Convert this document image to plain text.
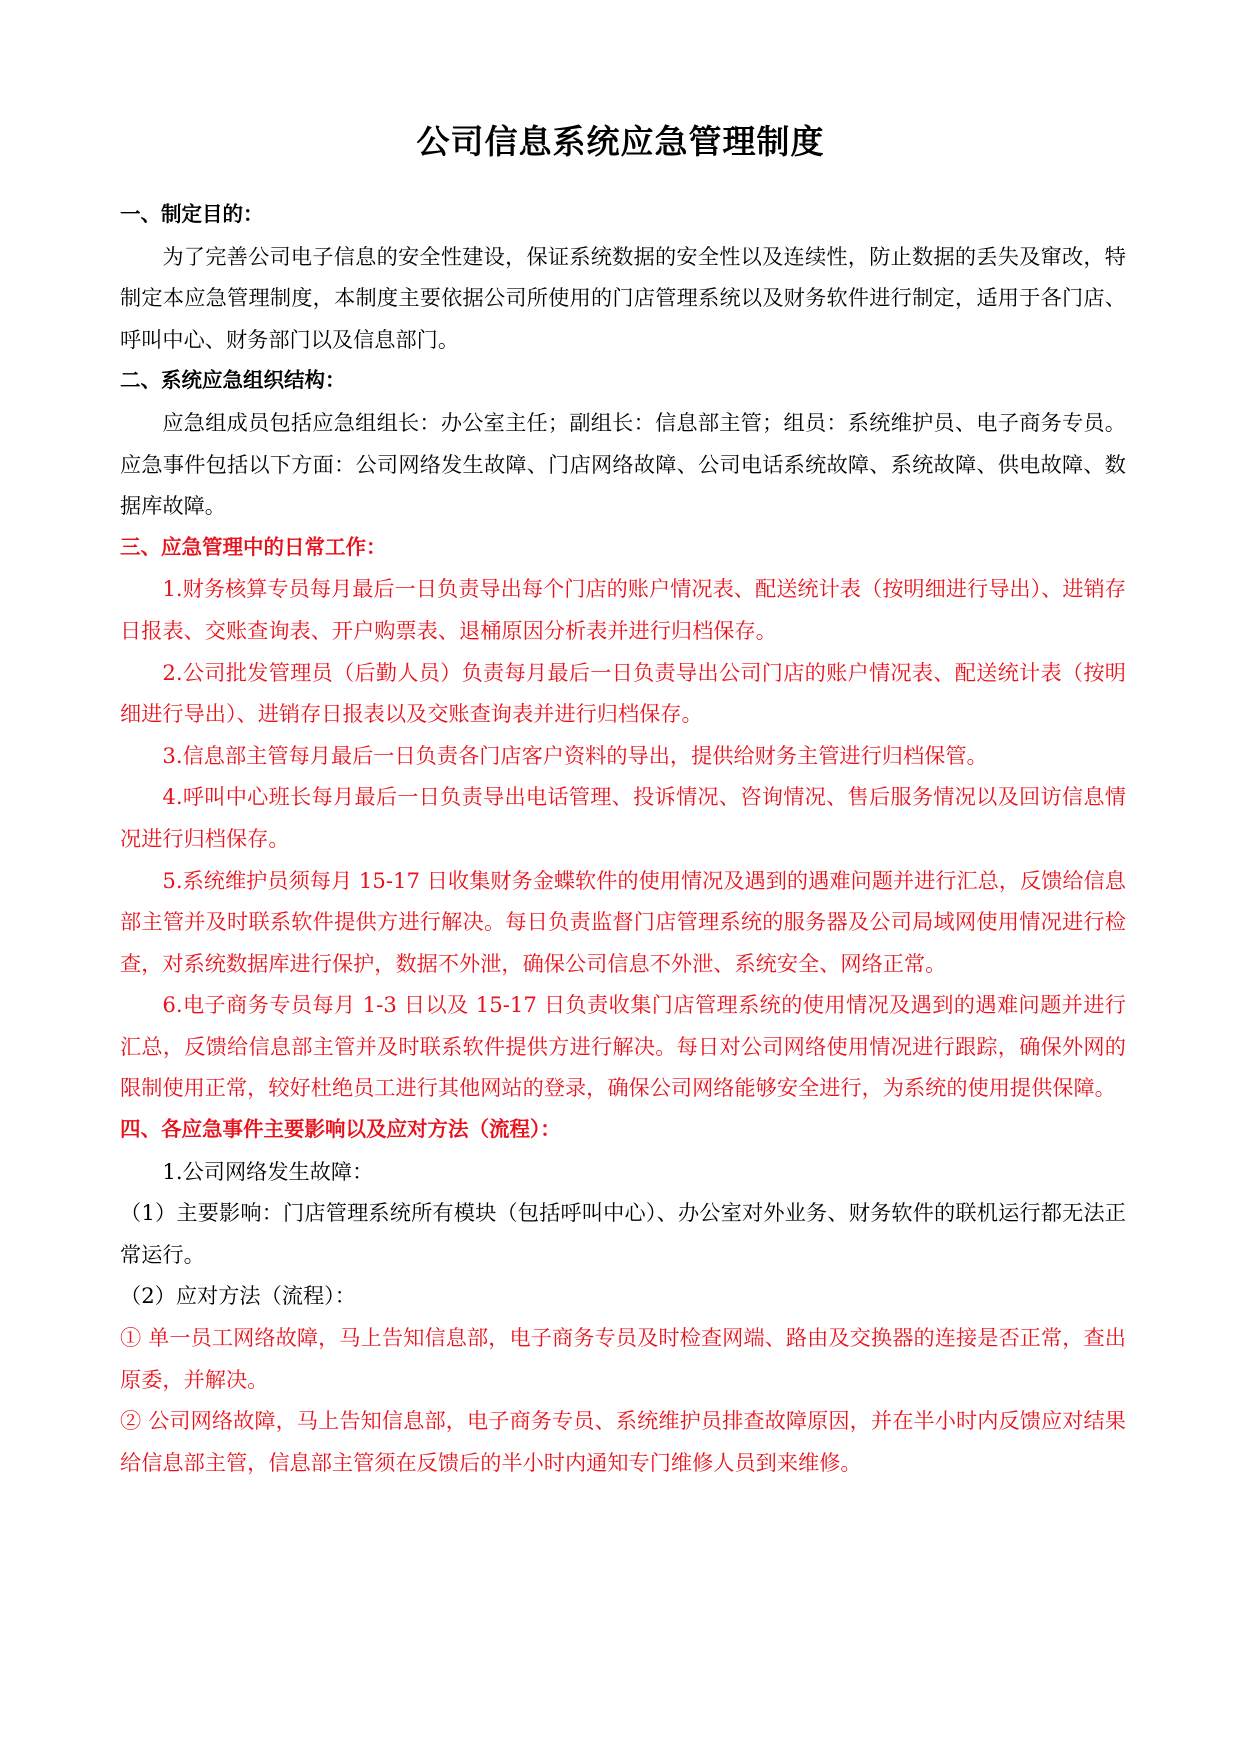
公司信息系统应急管理制度

一、制定目的：

为了完善公司电子信息的安全性建设，保证系统数据的安全性以及连续性，防止数据的丢失及窜改，特制定本应急管理制度，本制度主要依据公司所使用的门店管理系统以及财务软件进行制定，适用于各门店、呼叫中心、财务部门以及信息部门。

二、系统应急组织结构：

应急组成员包括应急组组长：办公室主任；副组长：信息部主管；组员：系统维护员、电子商务专员。应急事件包括以下方面：公司网络发生故障、门店网络故障、公司电话系统故障、系统故障、供电故障、数据库故障。

三、应急管理中的日常工作：

1.财务核算专员每月最后一日负责导出每个门店的账户情况表、配送统计表（按明细进行导出）、进销存日报表、交账查询表、开户购票表、退桶原因分析表并进行归档保存。

2.公司批发管理员（后勤人员）负责每月最后一日负责导出公司门店的账户情况表、配送统计表（按明细进行导出）、进销存日报表以及交账查询表并进行归档保存。

3.信息部主管每月最后一日负责各门店客户资料的导出，提供给财务主管进行归档保管。

4.呼叫中心班长每月最后一日负责导出电话管理、投诉情况、咨询情况、售后服务情况以及回访信息情况进行归档保存。

5.系统维护员须每月 15-17 日收集财务金蝶软件的使用情况及遇到的遇难问题并进行汇总，反馈给信息部主管并及时联系软件提供方进行解决。每日负责监督门店管理系统的服务器及公司局域网使用情况进行检查，对系统数据库进行保护，数据不外泄，确保公司信息不外泄、系统安全、网络正常。

6.电子商务专员每月 1-3 日以及 15-17 日负责收集门店管理系统的使用情况及遇到的遇难问题并进行汇总，反馈给信息部主管并及时联系软件提供方进行解决。每日对公司网络使用情况进行跟踪，确保外网的限制使用正常，较好杜绝员工进行其他网站的登录，确保公司网络能够安全进行，为系统的使用提供保障。

四、各应急事件主要影响以及应对方法（流程）：

1.公司网络发生故障：

（1）主要影响：门店管理系统所有模块（包括呼叫中心）、办公室对外业务、财务软件的联机运行都无法正常运行。

（2）应对方法（流程）：

① 单一员工网络故障，马上告知信息部，电子商务专员及时检查网端、路由及交换器的连接是否正常，查出原委，并解决。

② 公司网络故障，马上告知信息部，电子商务专员、系统维护员排查故障原因，并在半小时内反馈应对结果给信息部主管，信息部主管须在反馈后的半小时内通知专门维修人员到来维修。
